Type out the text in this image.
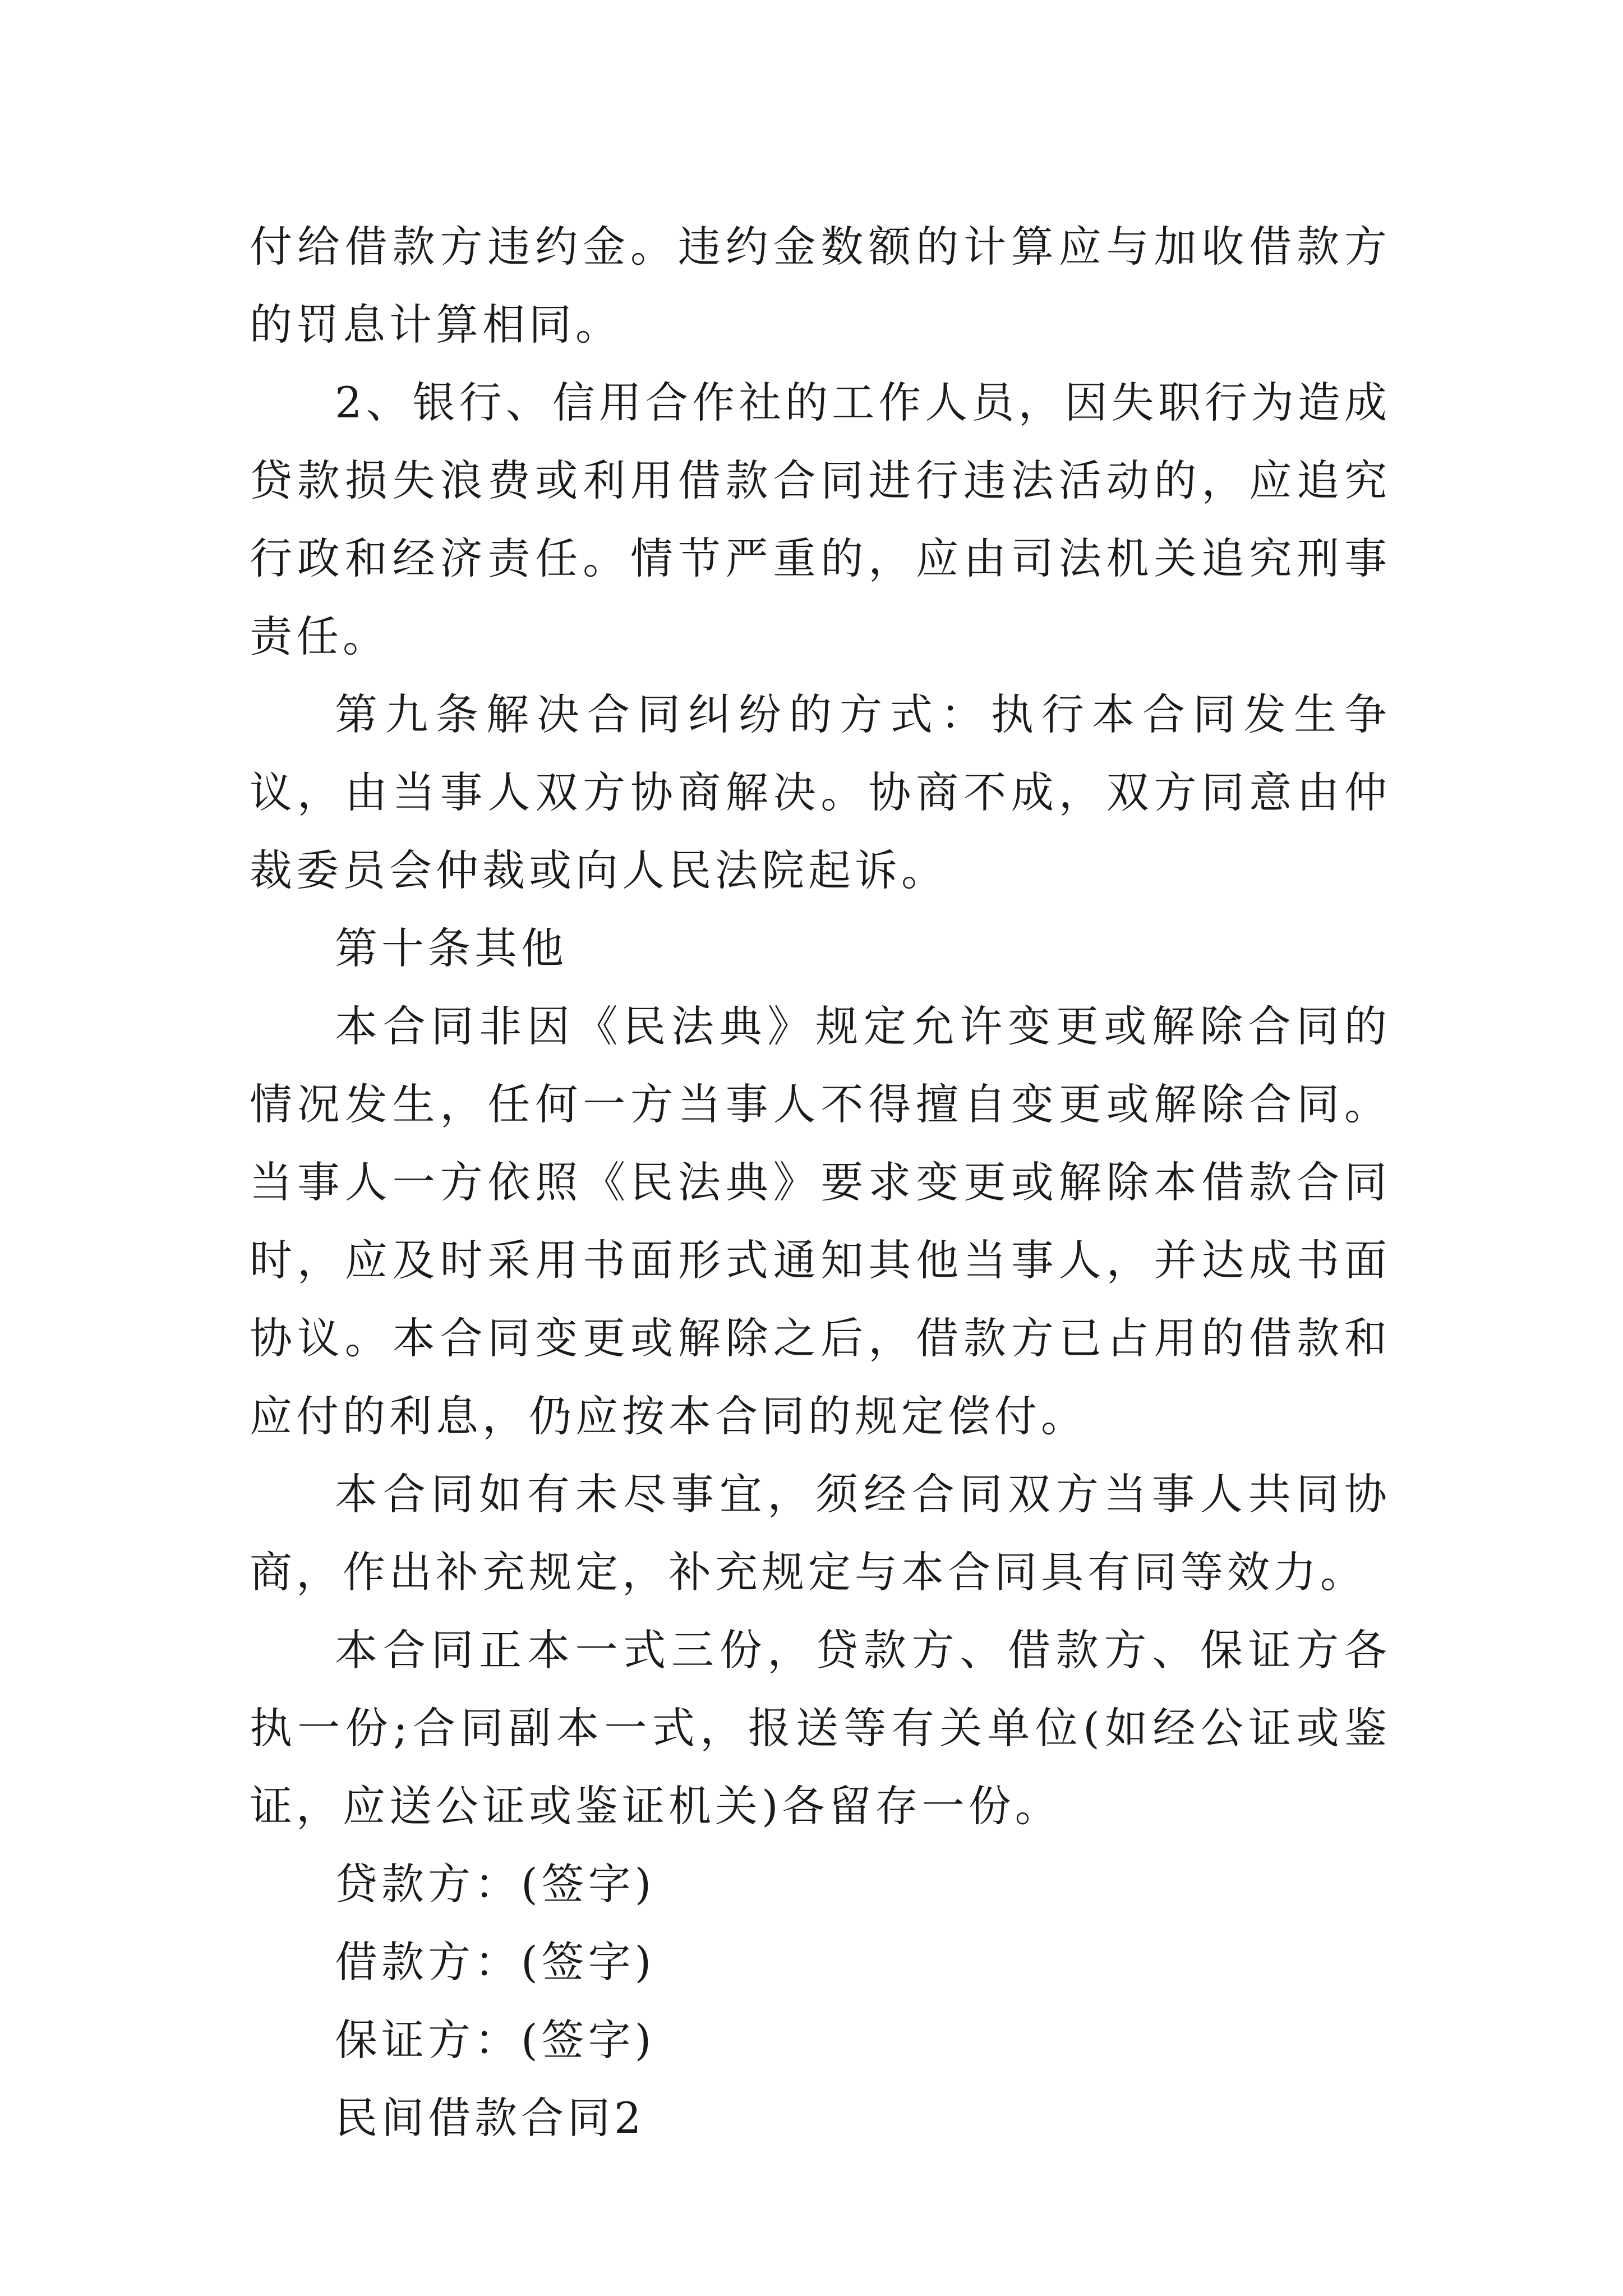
付给借款方违约金。违约金数额的计算应与加收借款方的罚息计算相同。

2、银行、信用合作社的工作人员，因失职行为造成贷款损失浪费或利用借款合同进行违法活动的，应追究行政和经济责任。情节严重的，应由司法机关追究刑事责任。

第九条解决合同纠纷的方式：执行本合同发生争议，由当事人双方协商解决。协商不成，双方同意由仲裁委员会仲裁或向人民法院起诉。

第十条其他

本合同非因《民法典》规定允许变更或解除合同的情况发生，任何一方当事人不得擅自变更或解除合同。当事人一方依照《民法典》要求变更或解除本借款合同时，应及时采用书面形式通知其他当事人，并达成书面协议。本合同变更或解除之后，借款方已占用的借款和应付的利息，仍应按本合同的规定偿付。

本合同如有未尽事宜，须经合同双方当事人共同协商，作出补充规定，补充规定与本合同具有同等效力。

本合同正本一式三份，贷款方、借款方、保证方各执一份;合同副本一式，报送等有关单位(如经公证或鉴证，应送公证或鉴证机关)各留存一份。

贷款方：(签字)

借款方：(签字)

保证方：(签字)

民间借款合同2
